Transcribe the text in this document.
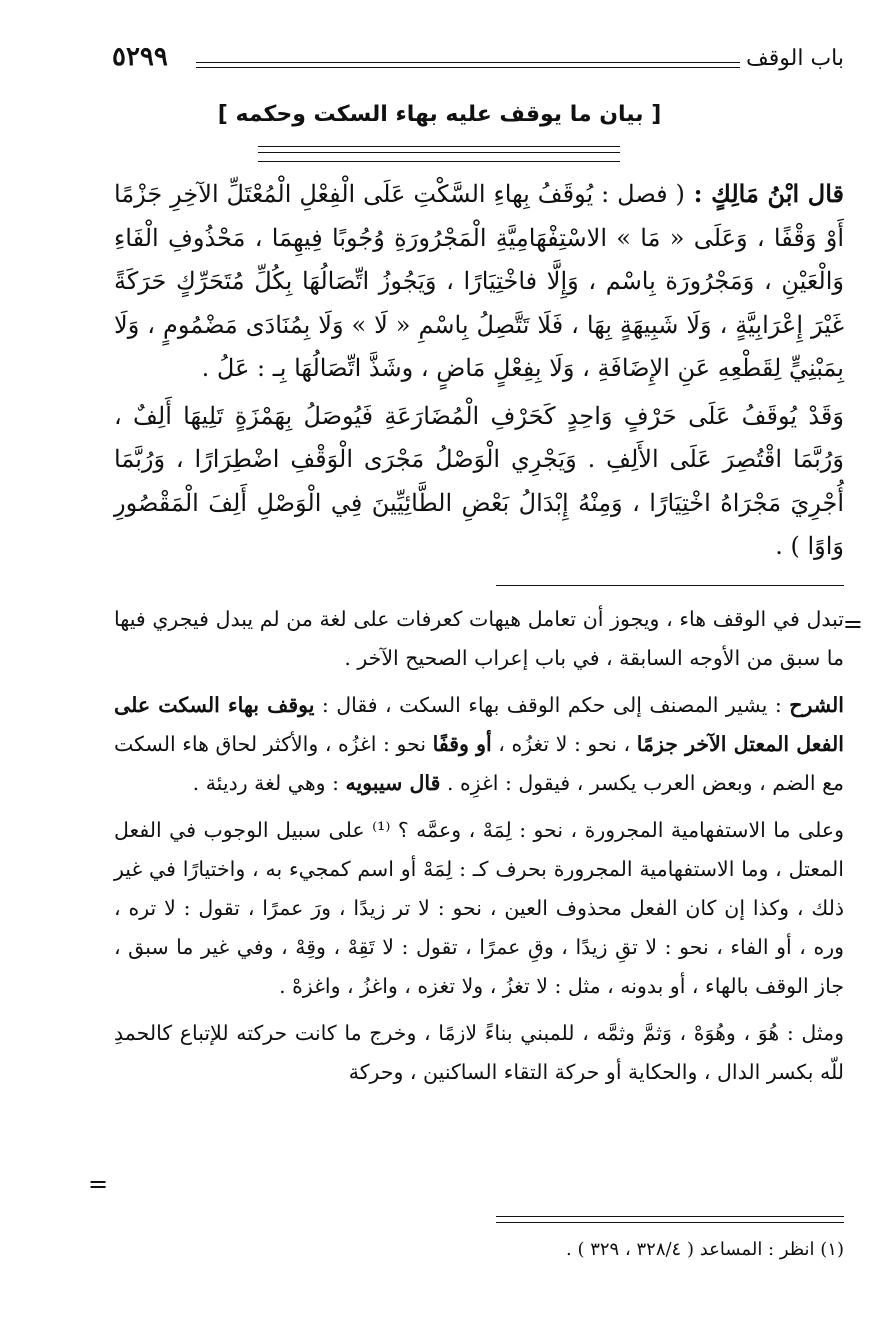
باب الوقف
٥٢٩٩
[ بيان ما يوقف عليه بهاء السكت وحكمه ]

قال ابْنُ مَالِكٍ : ( فصل : يُوقَفُ بِهاءِ السَّكْتِ عَلَى الْفِعْلِ الْمُعْتَلِّ الآخِرِ جَزْمًا أَوْ وَقْفًا ، وَعَلَى « مَا » الاسْتِفْهَامِيَّةِ الْمَجْرُورَةِ وُجُوبًا فِيهِمَا ، مَحْذُوفِ الْفَاءِ وَالْعَيْنِ ، وَمَجْرُورَة بِاسْم ، وَإِلَّا فاخْتِيَارًا ، وَيَجُوزُ اتِّصَالُهَا بِكُلِّ مُتَحَرِّكٍ حَرَكَةً غَيْرَ إِعْرَابِيَّةٍ ، وَلَا شَبِيهَةٍ بِهَا ، فَلَا تَتَّصِلُ بِاسْمِ « لَا » وَلَا بِمُنَادَى مَضْمُومٍ ، وَلَا بِمَبْنِيٍّ لِقَطْعِهِ عَنِ الإِضَافَةِ ، وَلَا بِفِعْلٍ مَاضٍ ، وشَذَّ اتِّصَالُهَا بِـ : عَلُ .

وَقَدْ يُوقَفُ عَلَى حَرْفٍ وَاحِدٍ كَحَرْفِ الْمُضَارَعَةِ فَيُوصَلُ بِهَمْزَةٍ تَلِيهَا أَلِفٌ ، وَرُبَّمَا اقْتُصِرَ عَلَى الأَلِفِ . وَيَجْرِي الْوَصْلُ مَجْرَى الْوَقْفِ اضْطِرَارًا ، وَرُبَّمَا أُجْرِيَ مَجْرَاهُ اخْتِيَارًا ، وَمِنْهُ إِبْدَالُ بَعْضِ الطَّائِيِّينَ فِي الْوَصْلِ أَلِفَ الْمَقْصُورِ وَاوًا ) .

=
=

تبدل في الوقف هاء ، ويجوز أن تعامل هيهات كعرفات على لغة من لم يبدل فيجري فيها ما سبق من الأوجه السابقة ، في باب إعراب الصحيح الآخر .

الشرح : يشير المصنف إلى حكم الوقف بهاء السكت ، فقال : يوقف بهاء السكت على الفعل المعتل الآخر جزمًا ، نحو : لا تغزُه ، أو وقفًا نحو : اغزُه ، والأكثر لحاق هاء السكت مع الضم ، وبعض العرب يكسر ، فيقول : اغزِه . قال سيبويه : وهي لغة رديئة .

وعلى ما الاستفهامية المجرورة ، نحو : لِمَهْ ، وعمَّه ؟ ⁽¹⁾ على سبيل الوجوب في الفعل المعتل ، وما الاستفهامية المجرورة بحرف كـ : لِمَهْ أو اسم كمجيء به ، واختيارًا في غير ذلك ، وكذا إن كان الفعل محذوف العين ، نحو : لا تر زيدًا ، ورَ عمرًا ، تقول : لا تره ، وره ، أو الفاء ، نحو : لا تقِ زيدًا ، وقِ عمرًا ، تقول : لا تَقِهْ ، وقِهْ ، وفي غير ما سبق ، جاز الوقف بالهاء ، أو بدونه ، مثل : لا تغزُ ، ولا تغزه ، واغزُ ، واغزهْ .

ومثل : هُوَ ، وهُوَهْ ، وَثمَّ وثمَّه ، للمبني بناءً لازمًا ، وخرج ما كانت حركته للإتباع كالحمدِ للّه بكسر الدال ، والحكاية أو حركة التقاء الساكنين ، وحركة

(١) انظر : المساعد ( ٣٢٨/٤ ، ٣٢٩ ) .
